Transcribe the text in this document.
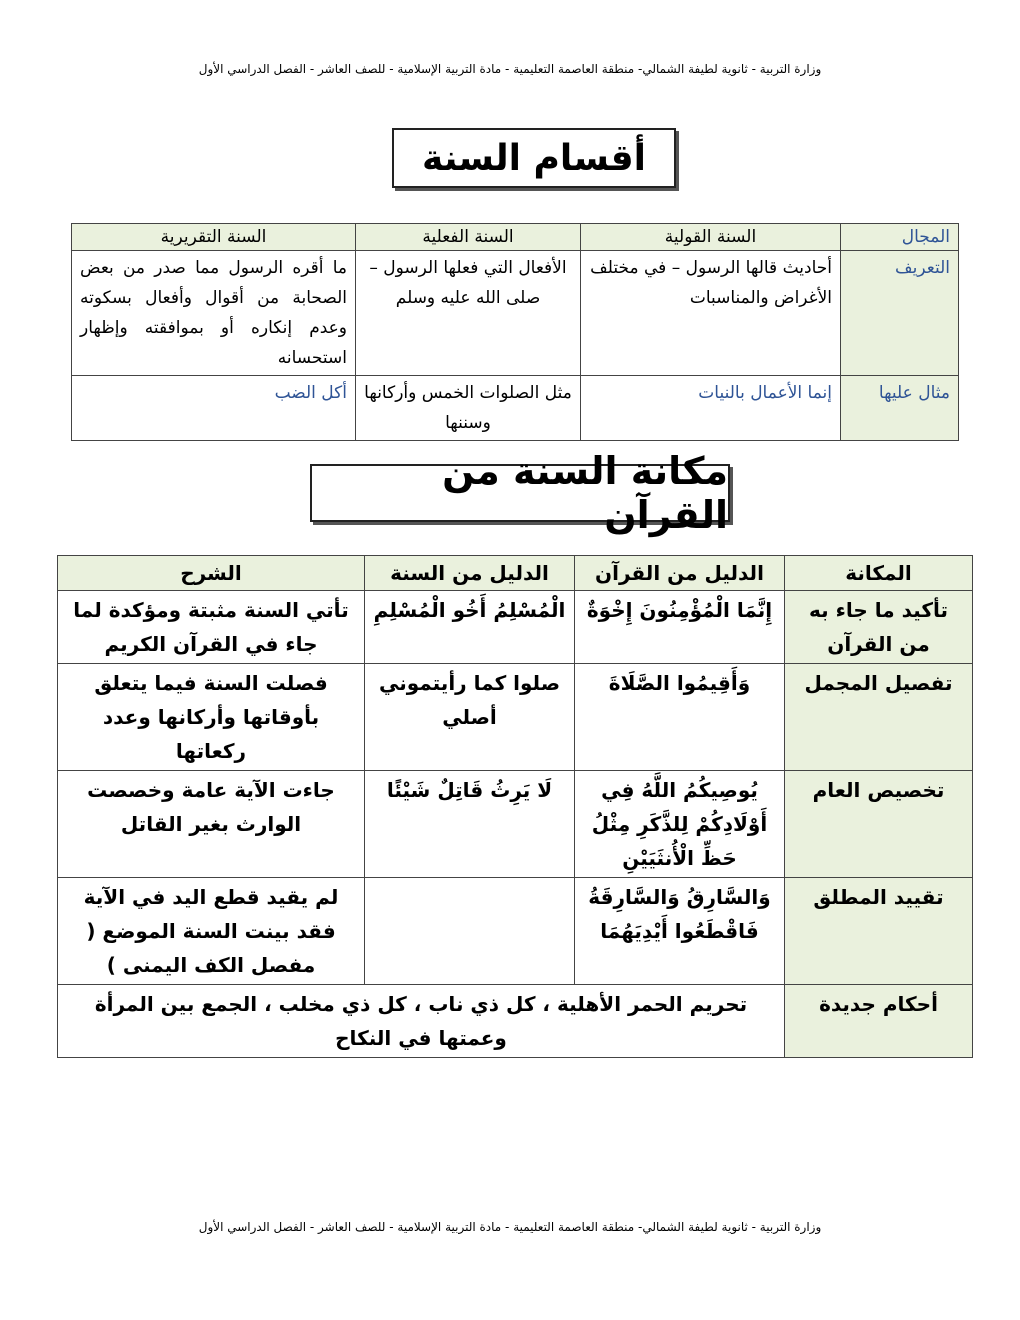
وزارة التربية - ثانوية لطيفة الشمالي- منطقة العاصمة التعليمية - مادة التربية الإسلامية - للصف العاشر - الفصل الدراسي الأول
أقسام السنة
المجال	السنة القولية	السنة الفعلية	السنة التقريرية
التعريف	أحاديث قالها الرسول – في مختلف الأغراض والمناسبات	الأفعال التي فعلها الرسول – صلى الله عليه وسلم	ما أقره الرسول مما صدر من بعض الصحابة من أقوال وأفعال بسكوته وعدم إنكاره أو بموافقته وإظهار استحسانه
مثال عليها	إنما الأعمال بالنيات	مثل الصلوات الخمس وأركانها وسننها	أكل الضب
مكانة السنة من القرآن
المكانة	الدليل من القرآن	الدليل من السنة	الشرح
تأكيد ما جاء به من القرآن	إِنَّمَا الْمُؤْمِنُونَ إِخْوَةٌ	الْمُسْلِمُ أَخُو الْمُسْلِمِ	تأتي السنة مثبتة ومؤكدة لما جاء في القرآن الكريم
تفصيل المجمل	وَأَقِيمُوا الصَّلَاةَ	صلوا كما رأيتموني أصلي	فصلت السنة فيما يتعلق بأوقاتها وأركانها وعدد ركعاتها
تخصيص العام	يُوصِيكُمُ اللَّهُ فِي أَوْلَادِكُمْ لِلذَّكَرِ مِثْلُ حَظِّ الْأُنثَيَيْنِ	لَا يَرِثُ قَاتِلٌ شَيْئًا	جاءت الآية عامة وخصصت الوارث بغير القاتل
تقييد المطلق	وَالسَّارِقُ وَالسَّارِقَةُ فَاقْطَعُوا أَيْدِيَهُمَا		لم يقيد قطع اليد في الآية فقد بينت السنة الموضع ( مفصل الكف اليمنى )
أحكام جديدة	تحريم الحمر الأهلية ، كل ذي ناب ، كل ذي مخلب ، الجمع بين المرأة وعمتها في النكاح		
وزارة التربية - ثانوية لطيفة الشمالي- منطقة العاصمة التعليمية - مادة التربية الإسلامية - للصف العاشر - الفصل الدراسي الأول
